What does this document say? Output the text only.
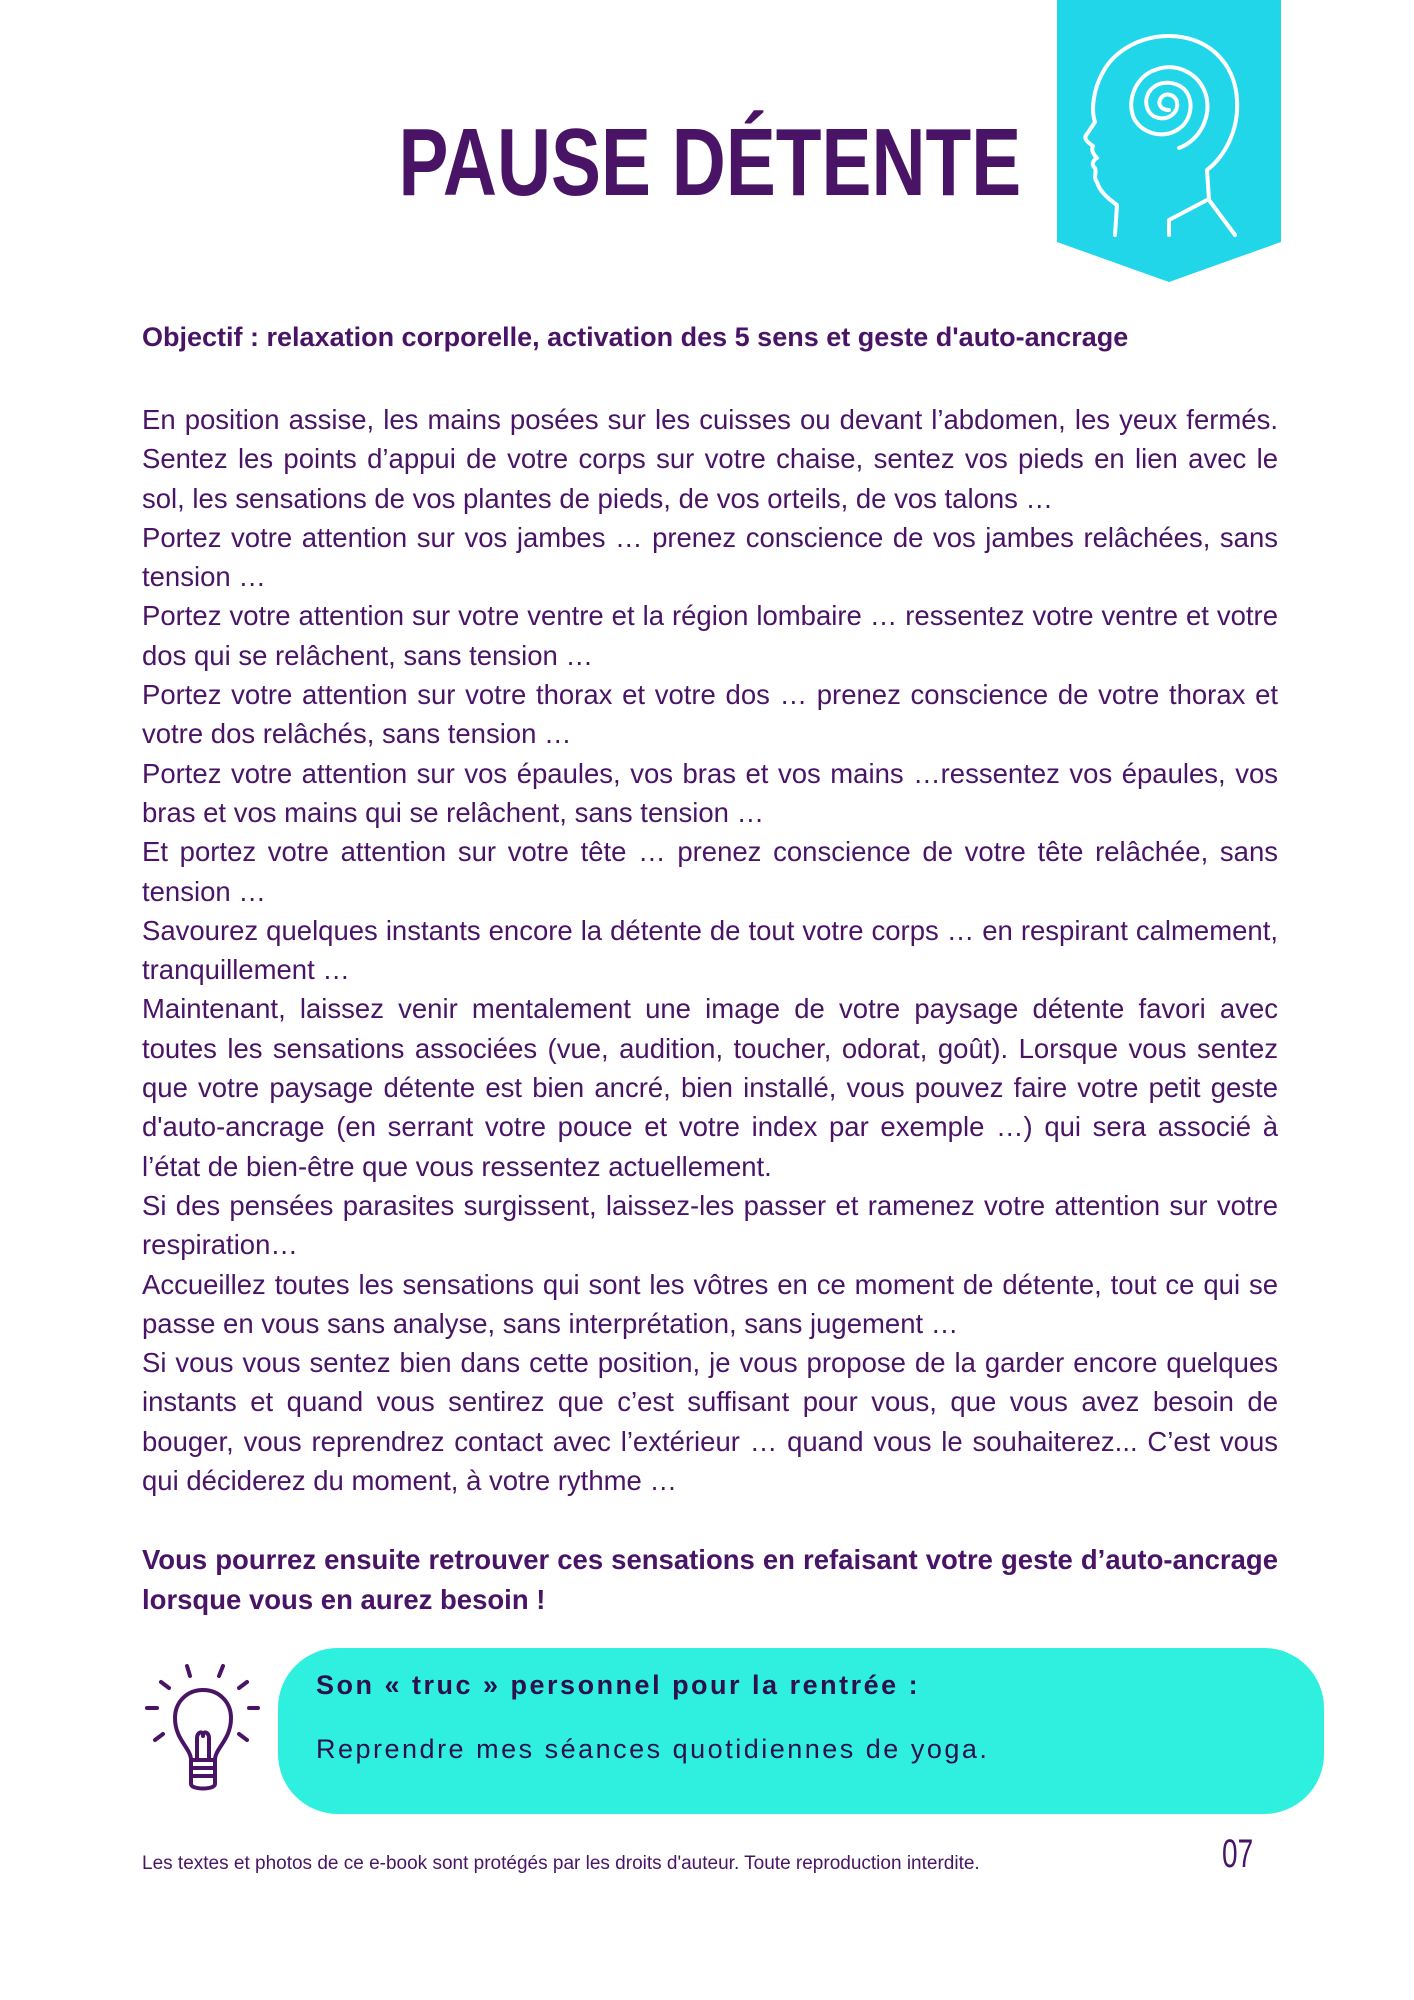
PAUSE DÉTENTE
Objectif : relaxation corporelle, activation des 5 sens et geste d'auto-ancrage

En position assise, les mains posées sur les cuisses ou devant l’abdomen, les yeux fermés. Sentez les points d’appui de votre corps sur votre chaise, sentez vos pieds en lien avec le sol, les sensations de vos plantes de pieds, de vos orteils, de vos talons …

Portez votre attention sur vos jambes … prenez conscience de vos jambes relâchées, sans tension …

Portez votre attention sur votre ventre et la région lombaire … ressentez votre ventre et votre dos qui se relâchent, sans tension …

Portez votre attention sur votre thorax et votre dos … prenez conscience de votre thorax et votre dos relâchés, sans tension …

Portez votre attention sur vos épaules, vos bras et vos mains …ressentez vos épaules, vos bras et vos mains qui se relâchent, sans tension …

Et portez votre attention sur votre tête … prenez conscience de votre tête relâchée, sans tension …

Savourez quelques instants encore la détente de tout votre corps … en respirant calmement, tranquillement …

Maintenant, laissez venir mentalement une image de votre paysage détente favori avec toutes les sensations associées (vue, audition, toucher, odorat, goût). Lorsque vous sentez que votre paysage détente est bien ancré, bien installé, vous pouvez faire votre petit geste d'auto-ancrage (en serrant votre pouce et votre index par exemple …) qui sera associé à l’état de bien-être que vous ressentez actuellement.

Si des pensées parasites surgissent, laissez-les passer et ramenez votre attention sur votre respiration…

Accueillez toutes les sensations qui sont les vôtres en ce moment de détente, tout ce qui se passe en vous sans analyse, sans interprétation, sans jugement …

Si vous vous sentez bien dans cette position, je vous propose de la garder encore quelques instants et quand vous sentirez que c’est suffisant pour vous, que vous avez besoin de bouger, vous reprendrez contact avec l’extérieur … quand vous le souhaiterez... C’est vous qui déciderez du moment, à votre rythme …

Vous pourrez ensuite retrouver ces sensations en refaisant votre geste d’auto-ancrage lorsque vous en aurez besoin !
Son « truc » personnel pour la rentrée :
Reprendre mes séances quotidiennes de yoga.
Les textes et photos de ce e-book sont protégés par les droits d'auteur. Toute reproduction interdite.	07
